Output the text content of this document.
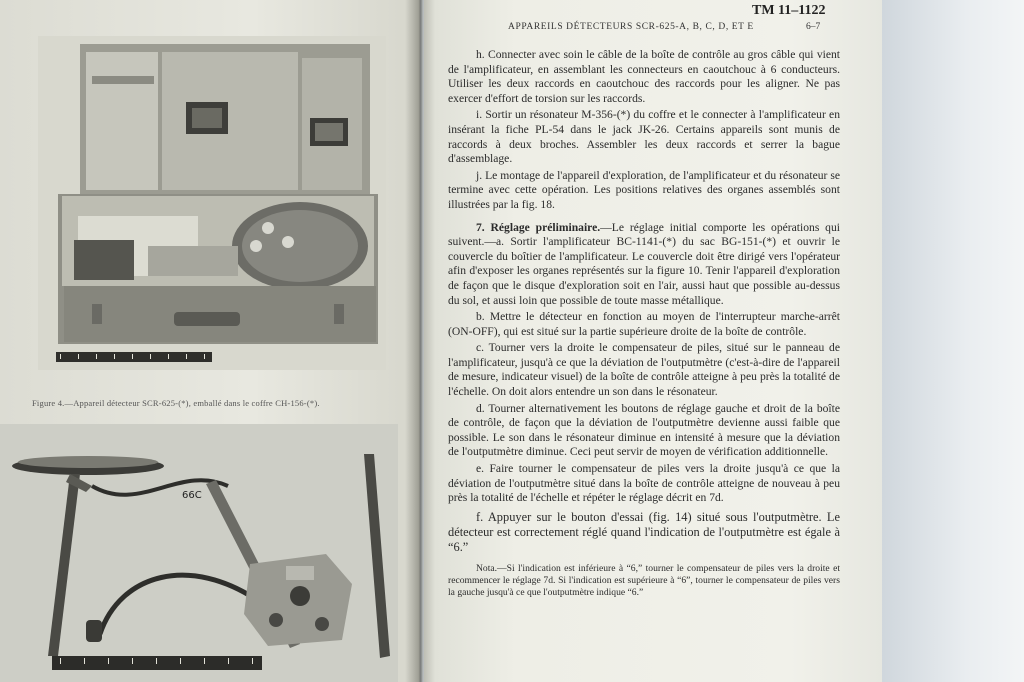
Figure 4.—Appareil détecteur SCR-625-(*), emballé dans le coffre CH-156-(*).
66C
TM 11–1122
APPAREILS DÉTECTEURS SCR-625-A, B, C, D, ET E	6–7

h. Connecter avec soin le câble de la boîte de contrôle au gros câble qui vient de l'amplificateur, en assemblant les connecteurs en caoutchouc à 6 conducteurs. Utiliser les deux raccords en caoutchouc des raccords pour les aligner. Ne pas exercer d'effort de torsion sur les raccords.

i. Sortir un résonateur M-356-(*) du coffre et le connecter à l'amplificateur en insérant la fiche PL-54 dans le jack JK-26. Certains appareils sont munis de raccords à deux broches. Assembler les deux raccords et serrer la bague d'assemblage.

j. Le montage de l'appareil d'exploration, de l'amplificateur et du résonateur se termine avec cette opération. Les positions relatives des organes assemblés sont illustrées par la fig. 18.

7. Réglage préliminaire.—Le réglage initial comporte les opérations qui suivent.—a. Sortir l'amplificateur BC-1141-(*) du sac BG-151-(*) et ouvrir le couvercle du boîtier de l'amplificateur. Le couvercle doit être dirigé vers l'opérateur afin d'exposer les organes représentés sur la figure 10. Tenir l'appareil d'exploration de façon que le disque d'exploration soit en l'air, aussi haut que possible au-dessus du sol, et aussi loin que possible de toute masse métallique.

b. Mettre le détecteur en fonction au moyen de l'interrupteur marche-arrêt (ON-OFF), qui est situé sur la partie supérieure droite de la boîte de contrôle.

c. Tourner vers la droite le compensateur de piles, situé sur le panneau de l'amplificateur, jusqu'à ce que la déviation de l'outputmètre (c'est-à-dire de l'appareil de mesure, indicateur visuel) de la boîte de contrôle atteigne à peu près la totalité de l'échelle. On doit alors entendre un son dans le résonateur.

d. Tourner alternativement les boutons de réglage gauche et droit de la boîte de contrôle, de façon que la déviation de l'outputmètre devienne aussi faible que possible. Le son dans le résonateur diminue en intensité à mesure que la déviation de l'outputmètre diminue. Ceci peut servir de moyen de vérification additionnelle.

e. Faire tourner le compensateur de piles vers la droite jusqu'à ce que la déviation de l'outputmètre situé dans la boîte de contrôle atteigne de nouveau à peu près la totalité de l'échelle et répéter le réglage décrit en 7d.

f. Appuyer sur le bouton d'essai (fig. 14) situé sous l'outputmètre. Le détecteur est correctement réglé quand l'indication de l'outputmètre est égale à “6.”

Nota.—Si l'indication est inférieure à “6,” tourner le compensateur de piles vers la droite et recommencer le réglage 7d. Si l'indication est supérieure à “6”, tourner le compensateur de piles vers la gauche jusqu'à ce que l'outputmètre indique “6.”
